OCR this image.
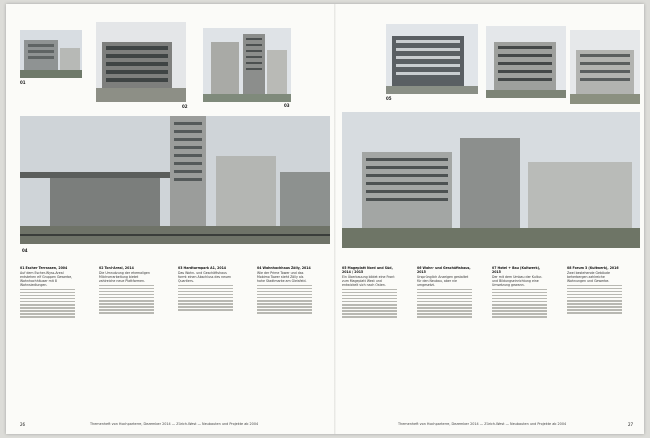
01
02	03
04
05
01 Escher Terrassen, 2004
Auf dem Escher-Wyss-Areal entstehen elf Gruppen Gewerbe, Wohnhochhäuser mit 8 Wohnsiedlungen.
02 Toni-Areal, 2014
Die Umnutzung der ehemaligen Milchverarbeitung bietet zahlreiche neue Plattformen.
03 Hardturmpark A1, 2014
Das Wohn- und Geschäftshaus formt einen Abschluss des neuen Quartiers.
04 Wohnhochhaus Zölly, 2014
Wie der Prime Tower und das Mobimo Tower steht Zölly als hohe Stadtmarke am Gleisfeld.
05 Mageplatt Nord und Süd, 2014 / 2015
Ein Überbauung bildet eine Front zum Mageplatt West und entwickelt sich nach Osten.
06 Wohn- und Geschäftshaus, 2015
Ursprünglich Anzeigen gestaltet für den Neubau, aber nie umgesetzt.
07 Hotel + Bau (Kultwerk), 2015
Der mit dem Umbau der Kultur- und Bildungseinrichtung eine Umsetzung gewann.
08 Forum 3 (Kultwerk), 2016
Zwei bestehende Gebäude beherbergen zahlreiche Wohnungen und Gewerbe.
26	Themenheft von Hochparterre, Dezember 2014 — Zürich-West — Neubauten und Projekte ab 2004	Themenheft von Hochparterre, Dezember 2014 — Zürich-West — Neubauten und Projekte ab 2004	27
